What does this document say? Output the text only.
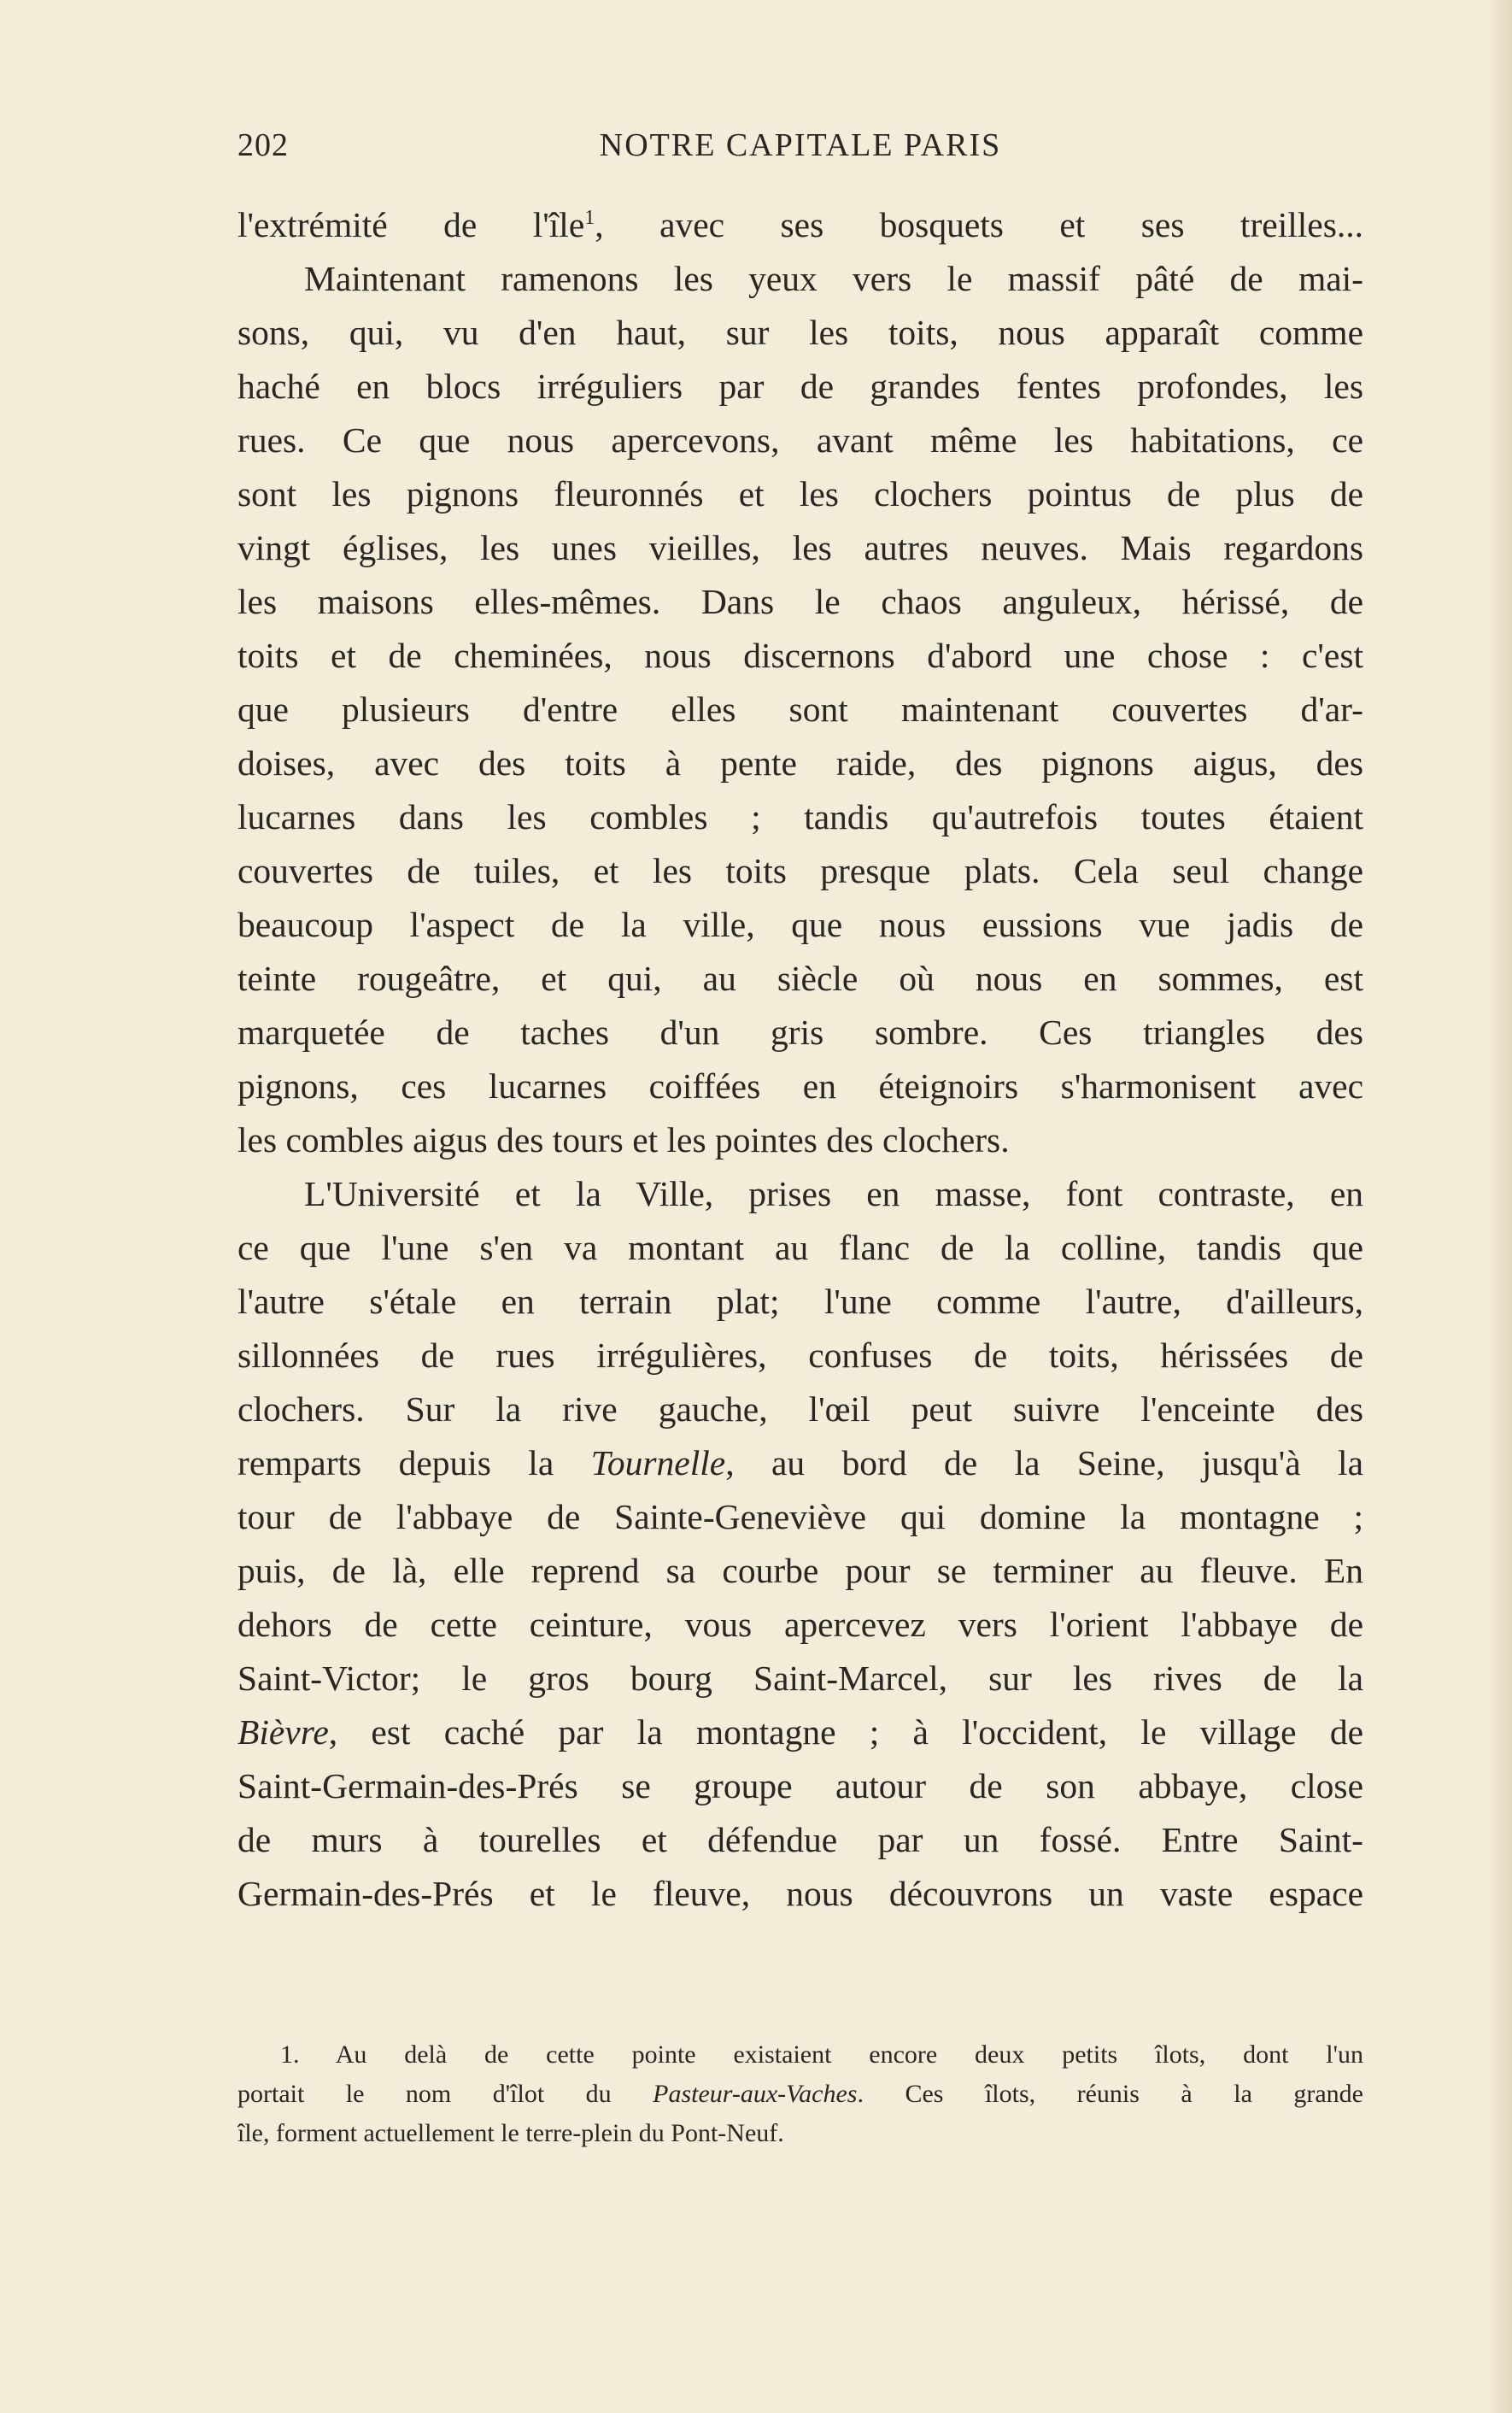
202	NOTRE CAPITALE PARIS
l'extrémité de l'île$^1$, avec ses bosquets et ses treilles...
Maintenant ramenons les yeux vers le massif pâté de mai-
sons, qui, vu d'en haut, sur les toits, nous apparaît comme
haché en blocs irréguliers par de grandes fentes profondes, les
rues. Ce que nous apercevons, avant même les habitations, ce
sont les pignons fleuronnés et les clochers pointus de plus de
vingt églises, les unes vieilles, les autres neuves. Mais regardons
les maisons elles-mêmes. Dans le chaos anguleux, hérissé, de
toits et de cheminées, nous discernons d'abord une chose : c'est
que plusieurs d'entre elles sont maintenant couvertes d'ar-
doises, avec des toits à pente raide, des pignons aigus, des
lucarnes dans les combles ; tandis qu'autrefois toutes étaient
couvertes de tuiles, et les toits presque plats. Cela seul change
beaucoup l'aspect de la ville, que nous eussions vue jadis de
teinte rougeâtre, et qui, au siècle où nous en sommes, est
marquetée de taches d'un gris sombre. Ces triangles des
pignons, ces lucarnes coiffées en éteignoirs s'harmonisent avec
les combles aigus des tours et les pointes des clochers.
L'Université et la Ville, prises en masse, font contraste, en
ce que l'une s'en va montant au flanc de la colline, tandis que
l'autre s'étale en terrain plat; l'une comme l'autre, d'ailleurs,
sillonnées de rues irrégulières, confuses de toits, hérissées de
clochers. Sur la rive gauche, l'œil peut suivre l'enceinte des
remparts depuis la Tournelle, au bord de la Seine, jusqu'à la
tour de l'abbaye de Sainte-Geneviève qui domine la montagne ;
puis, de là, elle reprend sa courbe pour se terminer au fleuve. En
dehors de cette ceinture, vous apercevez vers l'orient l'abbaye de
Saint-Victor; le gros bourg Saint-Marcel, sur les rives de la
Bièvre, est caché par la montagne ; à l'occident, le village de
Saint-Germain-des-Prés se groupe autour de son abbaye, close
de murs à tourelles et défendue par un fossé. Entre Saint-
Germain-des-Prés et le fleuve, nous découvrons un vaste espace
1. Au delà de cette pointe existaient encore deux petits îlots, dont l'un
portait le nom d'îlot du Pasteur-aux-Vaches. Ces îlots, réunis à la grande
île, forment actuellement le terre-plein du Pont-Neuf.
